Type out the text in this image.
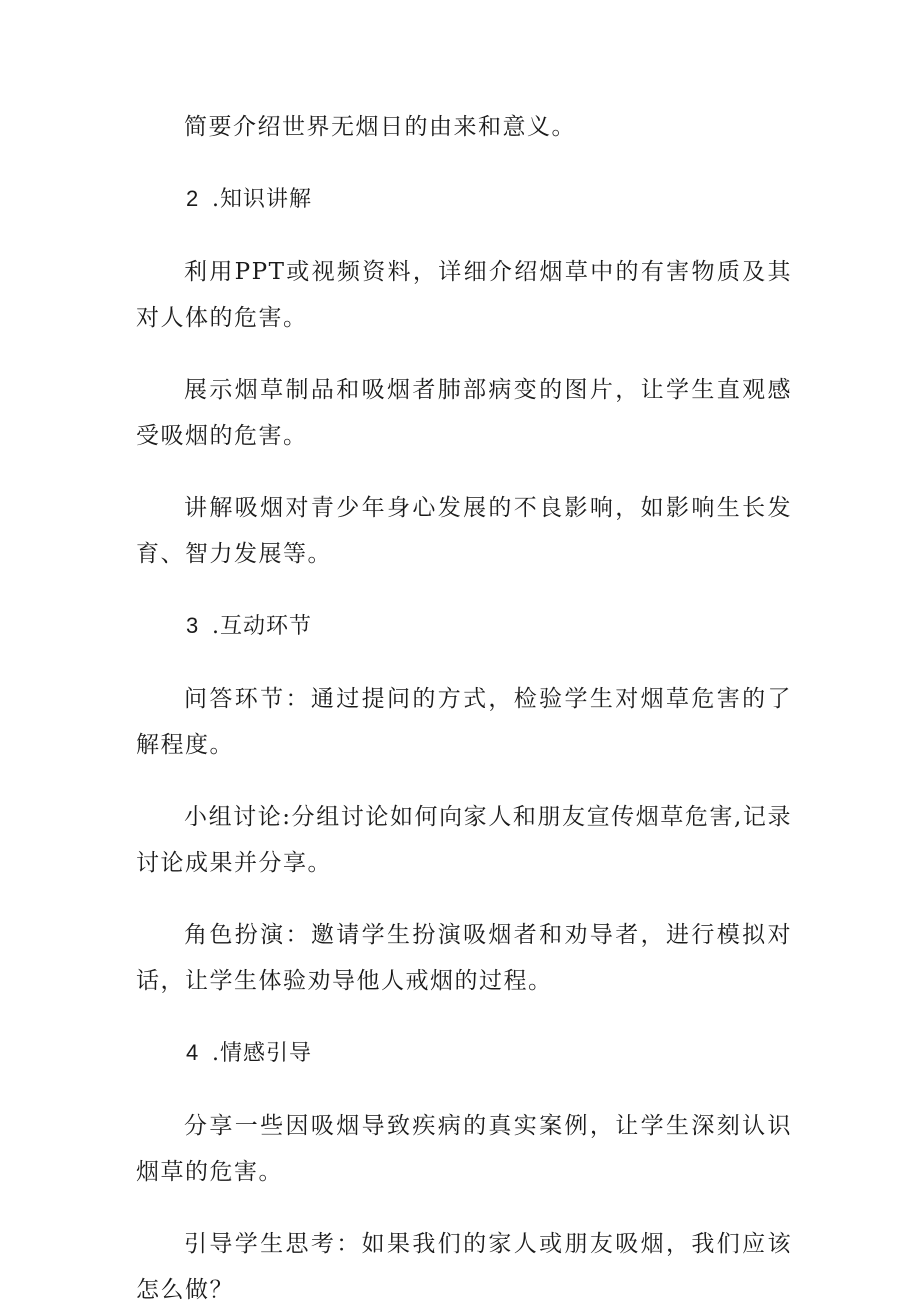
简要介绍世界无烟日的由来和意义。

2 .知识讲解

利用PPT或视频资料，详细介绍烟草中的有害物质及其对人体的危害。

展示烟草制品和吸烟者肺部病变的图片，让学生直观感受吸烟的危害。

讲解吸烟对青少年身心发展的不良影响，如影响生长发育、智力发展等。

3 .互动环节

问答环节：通过提问的方式，检验学生对烟草危害的了解程度。

小组讨论:分组讨论如何向家人和朋友宣传烟草危害,记录讨论成果并分享。

角色扮演：邀请学生扮演吸烟者和劝导者，进行模拟对话，让学生体验劝导他人戒烟的过程。

4 .情感引导

分享一些因吸烟导致疾病的真实案例，让学生深刻认识烟草的危害。

引导学生思考：如果我们的家人或朋友吸烟，我们应该怎么做？
